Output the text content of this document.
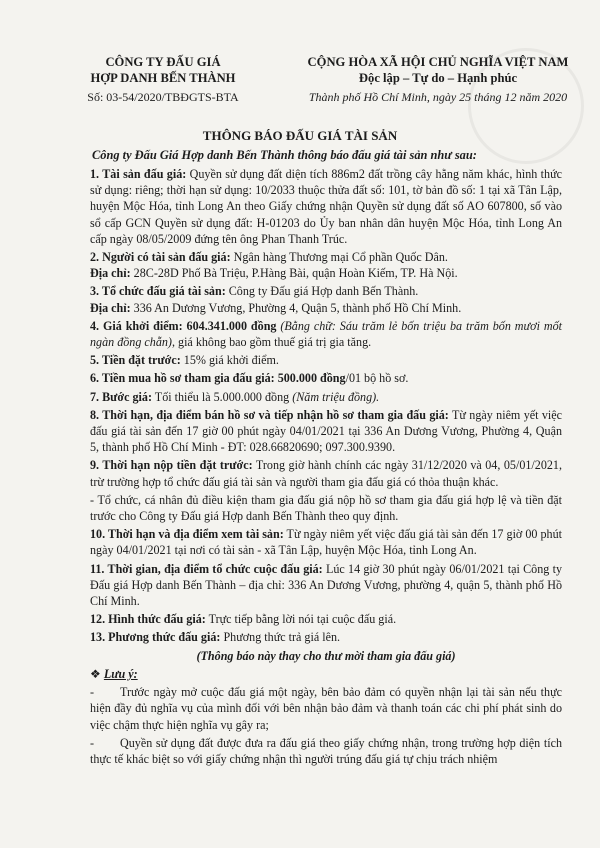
CÔNG TY ĐẤU GIÁ
HỢP DANH BẾN THÀNH
Số: 03-54/2020/TBĐGTS-BTA
CỘNG HÒA XÃ HỘI CHỦ NGHĨA VIỆT NAM
Độc lập – Tự do – Hạnh phúc
Thành phố Hồ Chí Minh, ngày 25 tháng 12 năm 2020
THÔNG BÁO ĐẤU GIÁ TÀI SẢN
Công ty Đấu Giá Hợp danh Bến Thành thông báo đấu giá tài sản như sau:

1. Tài sản đấu giá: Quyền sử dụng đất diện tích 886m2 đất trồng cây hằng năm khác, hình thức sử dụng: riêng; thời hạn sử dụng: 10/2033 thuộc thửa đất số: 101, tờ bản đồ số: 1 tại xã Tân Lập, huyện Mộc Hóa, tỉnh Long An theo Giấy chứng nhận Quyền sử dụng đất số AO 607800, số vào sổ cấp GCN Quyền sử dụng đất: H-01203 do Ủy ban nhân dân huyện Mộc Hóa, tỉnh Long An cấp ngày 08/05/2009 đứng tên ông Phan Thanh Trúc.

2. Người có tài sản đấu giá: Ngân hàng Thương mại Cổ phần Quốc Dân.
Địa chỉ: 28C-28D Phố Bà Triệu, P.Hàng Bài, quận Hoàn Kiếm, TP. Hà Nội.

3. Tổ chức đấu giá tài sản: Công ty Đấu giá Hợp danh Bến Thành.
Địa chỉ: 336 An Dương Vương, Phường 4, Quận 5, thành phố Hồ Chí Minh.

4. Giá khởi điểm: 604.341.000 đồng (Bằng chữ: Sáu trăm lẻ bốn triệu ba trăm bốn mươi mốt ngàn đồng chẵn), giá không bao gồm thuế giá trị gia tăng.

5. Tiền đặt trước: 15% giá khởi điểm.

6. Tiền mua hồ sơ tham gia đấu giá: 500.000 đồng/01 bộ hồ sơ.

7. Bước giá: Tối thiểu là 5.000.000 đồng (Năm triệu đồng).

8. Thời hạn, địa điểm bán hồ sơ và tiếp nhận hồ sơ tham gia đấu giá: Từ ngày niêm yết việc đấu giá tài sản đến 17 giờ 00 phút ngày 04/01/2021 tại 336 An Dương Vương, Phường 4, Quận 5, thành phố Hồ Chí Minh - ĐT: 028.66820690; 097.300.9390.

9. Thời hạn nộp tiền đặt trước: Trong giờ hành chính các ngày 31/12/2020 và 04, 05/01/2021, trừ trường hợp tổ chức đấu giá tài sản và người tham gia đấu giá có thỏa thuận khác.

- Tổ chức, cá nhân đủ điều kiện tham gia đấu giá nộp hồ sơ tham gia đấu giá hợp lệ và tiền đặt trước cho Công ty Đấu giá Hợp danh Bến Thành theo quy định.

10. Thời hạn và địa điểm xem tài sản: Từ ngày niêm yết việc đấu giá tài sản đến 17 giờ 00 phút ngày 04/01/2021 tại nơi có tài sản - xã Tân Lập, huyện Mộc Hóa, tỉnh Long An.

11. Thời gian, địa điểm tổ chức cuộc đấu giá: Lúc 14 giờ 30 phút ngày 06/01/2021 tại Công ty Đấu giá Hợp danh Bến Thành – địa chỉ: 336 An Dương Vương, phường 4, quận 5, thành phố Hồ Chí Minh.

12. Hình thức đấu giá: Trực tiếp bằng lời nói tại cuộc đấu giá.

13. Phương thức đấu giá: Phương thức trả giá lên.

(Thông báo này thay cho thư mời tham gia đấu giá)

❖ Lưu ý:

- Trước ngày mở cuộc đấu giá một ngày, bên bảo đảm có quyền nhận lại tài sản nếu thực hiện đầy đủ nghĩa vụ của mình đối với bên nhận bảo đảm và thanh toán các chi phí phát sinh do việc chậm thực hiện nghĩa vụ gây ra;

- Quyền sử dụng đất được đưa ra đấu giá theo giấy chứng nhận, trong trường hợp diện tích thực tế khác biệt so với giấy chứng nhận thì người trúng đấu giá tự chịu trách nhiệm
